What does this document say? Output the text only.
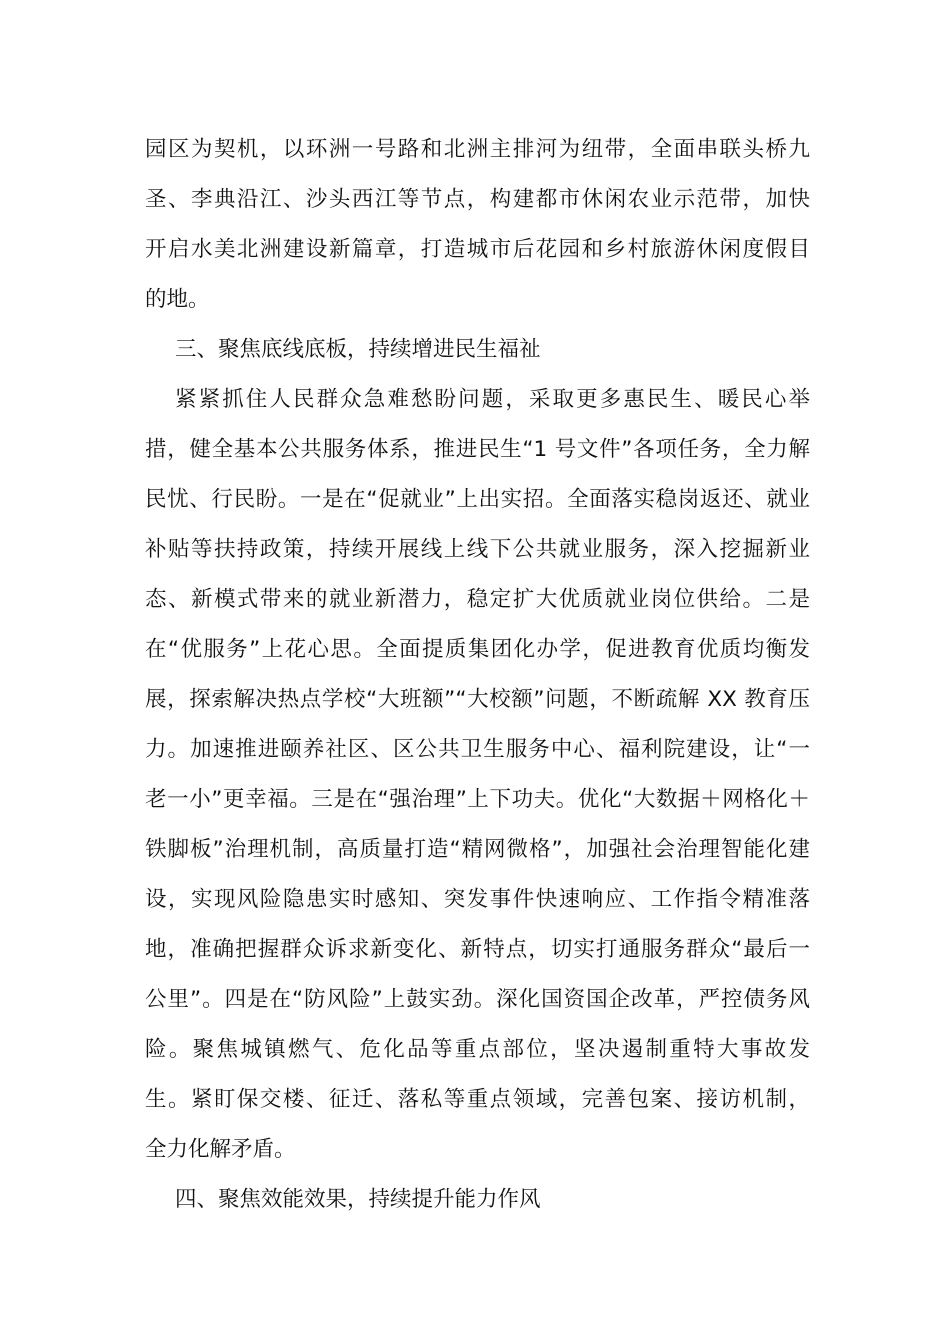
园区为契机，以环洲一号路和北洲主排河为纽带，全面串联头桥九
圣、李典沿江、沙头西江等节点，构建都市休闲农业示范带，加快
开启水美北洲建设新篇章，打造城市后花园和乡村旅游休闲度假目
的地。
三、聚焦底线底板，持续增进民生福祉
紧紧抓住人民群众急难愁盼问题，采取更多惠民生、暖民心举
措，健全基本公共服务体系，推进民生“1 号文件”各项任务，全力解
民忧、行民盼。一是在“促就业”上出实招。全面落实稳岗返还、就业
补贴等扶持政策，持续开展线上线下公共就业服务，深入挖掘新业
态、新模式带来的就业新潜力，稳定扩大优质就业岗位供给。二是
在“优服务”上花心思。全面提质集团化办学，促进教育优质均衡发
展，探索解决热点学校“大班额”“大校额”问题，不断疏解 XX 教育压
力。加速推进颐养社区、区公共卫生服务中心、福利院建设，让“一
老一小”更幸福。三是在“强治理”上下功夫。优化“大数据＋网格化＋
铁脚板”治理机制，高质量打造“精网微格”，加强社会治理智能化建
设，实现风险隐患实时感知、突发事件快速响应、工作指令精准落
地，准确把握群众诉求新变化、新特点，切实打通服务群众“最后一
公里”。四是在“防风险”上鼓实劲。深化国资国企改革，严控债务风
险。聚焦城镇燃气、危化品等重点部位，坚决遏制重特大事故发
生。紧盯保交楼、征迁、落私等重点领域，完善包案、接访机制，
全力化解矛盾。
四、聚焦效能效果，持续提升能力作风
